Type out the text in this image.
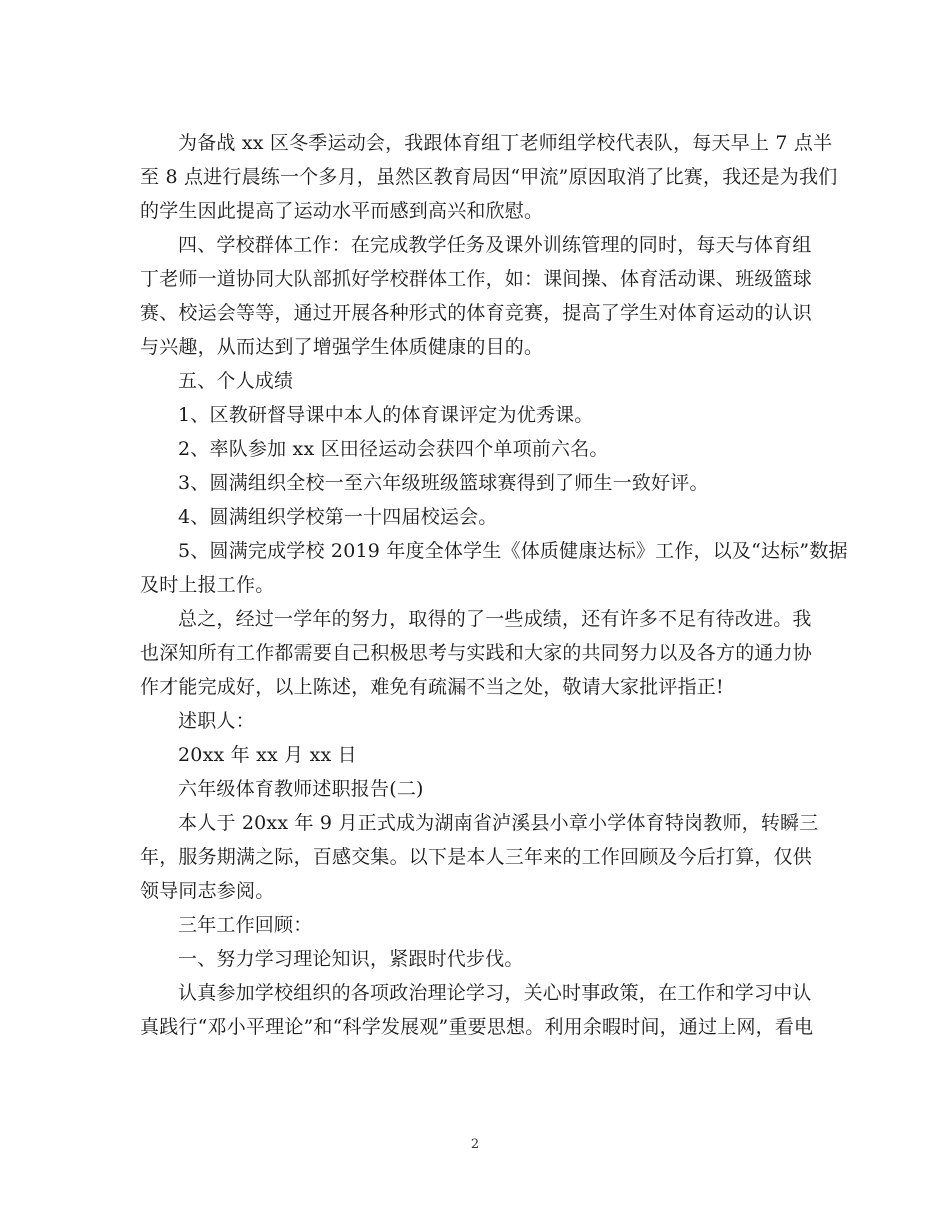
为备战 xx 区冬季运动会，我跟体育组丁老师组学校代表队，每天早上 7 点半

至 8 点进行晨练一个多月，虽然区教育局因“甲流”原因取消了比赛，我还是为我们

的学生因此提高了运动水平而感到高兴和欣慰。

四、学校群体工作：在完成教学任务及课外训练管理的同时，每天与体育组

丁老师一道协同大队部抓好学校群体工作，如：课间操、体育活动课、班级篮球

赛、校运会等等，通过开展各种形式的体育竞赛，提高了学生对体育运动的认识

与兴趣，从而达到了增强学生体质健康的目的。

五、个人成绩

1、区教研督导课中本人的体育课评定为优秀课。

2、率队参加 xx 区田径运动会获四个单项前六名。

3、圆满组织全校一至六年级班级篮球赛得到了师生一致好评。

4、圆满组织学校第一十四届校运会。

5、圆满完成学校 2019 年度全体学生《体质健康达标》工作，以及“达标”数据

及时上报工作。

总之，经过一学年的努力，取得的了一些成绩，还有许多不足有待改进。我

也深知所有工作都需要自己积极思考与实践和大家的共同努力以及各方的通力协

作才能完成好，以上陈述，难免有疏漏不当之处，敬请大家批评指正!

述职人：

20xx 年 xx 月 xx 日

六年级体育教师述职报告(二)

本人于 20xx 年 9 月正式成为湖南省泸溪县小章小学体育特岗教师，转瞬三

年，服务期满之际，百感交集。以下是本人三年来的工作回顾及今后打算，仅供

领导同志参阅。

三年工作回顾：

一、努力学习理论知识，紧跟时代步伐。

认真参加学校组织的各项政治理论学习，关心时事政策，在工作和学习中认

真践行“邓小平理论”和“科学发展观”重要思想。利用余暇时间，通过上网，看电

2
